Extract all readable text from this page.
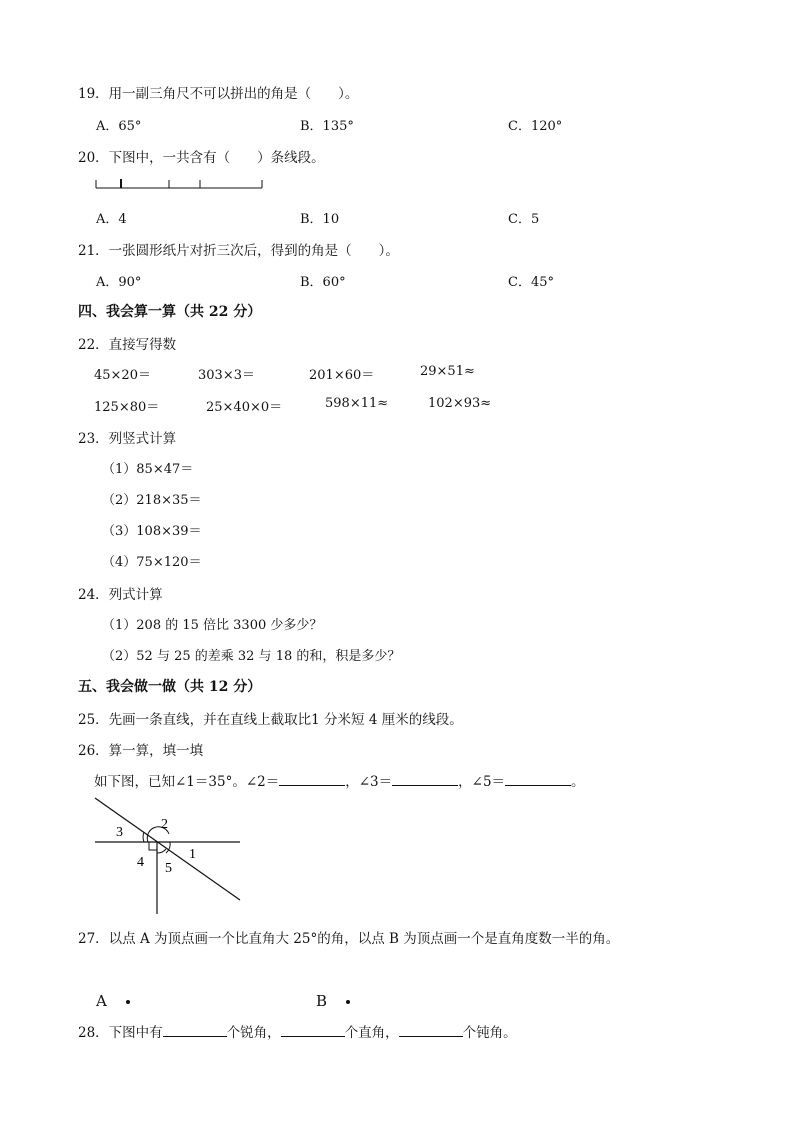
19．用一副三角尺不可以拼出的角是（　　）。
A．65°	B．135°	C．120°
20．下图中，一共含有（　　）条线段。
A．4	B．10	C．5
21．一张圆形纸片对折三次后，得到的角是（　　）。
A．90°	B．60°	C．45°
四、我会算一算（共 22 分）
22．直接写得数
45×20＝	303×3＝	201×60＝	29×51≈
125×80＝	25×40×0＝	598×11≈	102×93≈
23．列竖式计算
（1）85×47＝
（2）218×35＝
（3）108×39＝
（4）75×120＝
24．列式计算
（1）208 的 15 倍比 3300 少多少？
（2）52 与 25 的差乘 32 与 18 的和，积是多少？
五、我会做一做（共 12 分）
25．先画一条直线，并在直线上截取比1 分米短 4 厘米的线段。
26．算一算，填一填
如下图，已知∠1＝35°。∠2＝	，∠3＝	，∠5＝	。
3
2
1
4 5
27．以点 A 为顶点画一个比直角大 25°的角，以点 B 为顶点画一个是直角度数一半的角。
A	B
28．下图中有	个锐角，	个直角，	个钝角。
